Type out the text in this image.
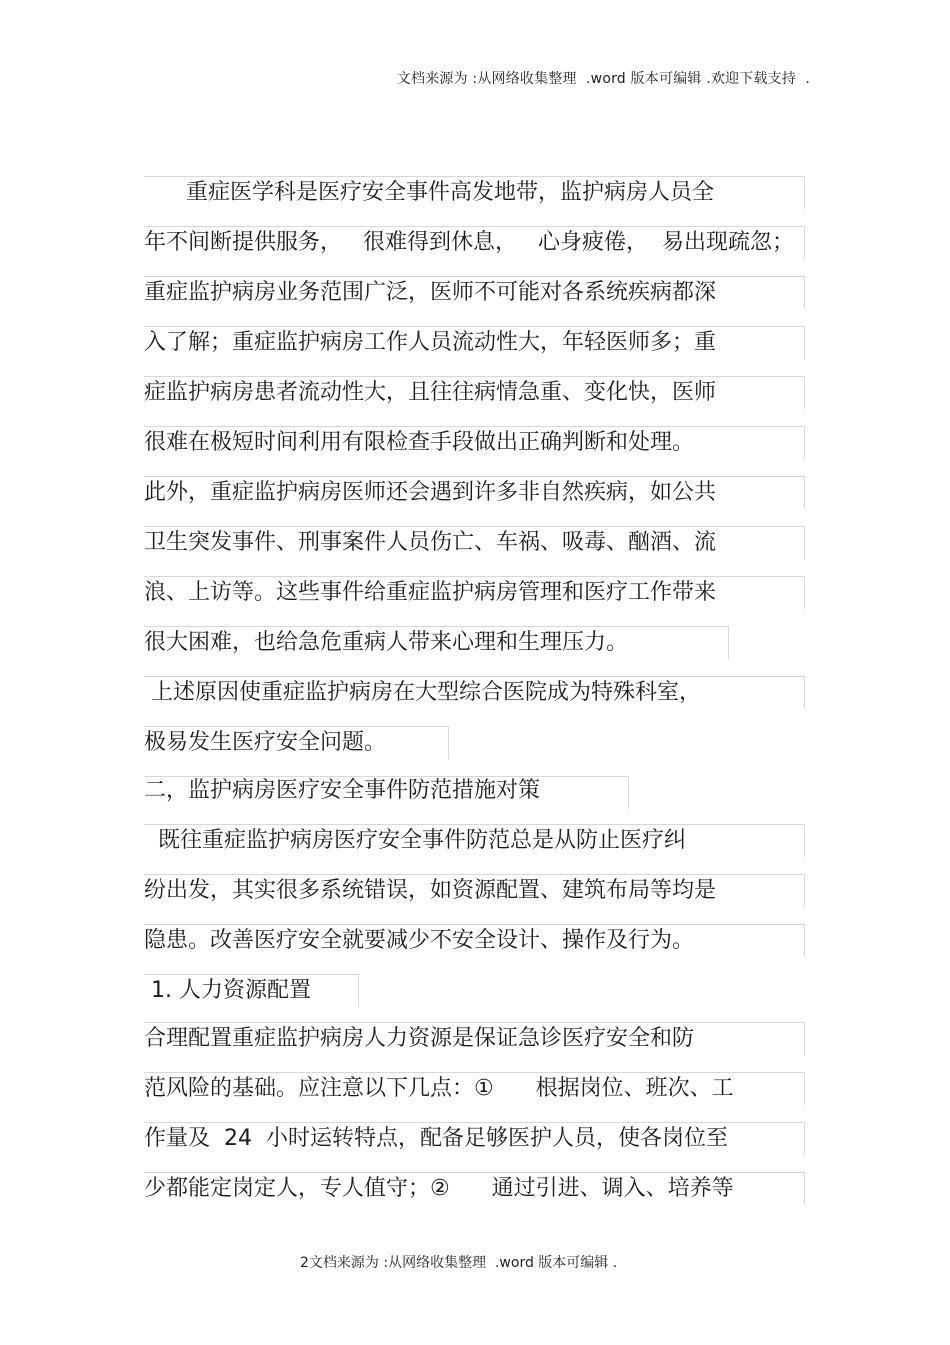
文档来源为 :从网络收集整理  .word 版本可编辑 .欢迎下载支持  .
重症医学科是医疗安全事件高发地带，监护病房人员全
年不间断提供服务，   很难得到休息，   心身疲倦，  易出现疏忽；
重症监护病房业务范围广泛，医师不可能对各系统疾病都深
入了解；重症监护病房工作人员流动性大，年轻医师多；重
症监护病房患者流动性大，且往往病情急重、变化快，医师
很难在极短时间利用有限检查手段做出正确判断和处理。
此外，重症监护病房医师还会遇到许多非自然疾病，如公共
卫生突发事件、刑事案件人员伤亡、车祸、吸毒、酗酒、流
浪、上访等。这些事件给重症监护病房管理和医疗工作带来
很大困难，也给急危重病人带来心理和生理压力。
上述原因使重症监护病房在大型综合医院成为特殊科室，
极易发生医疗安全问题。
二，监护病房医疗安全事件防范措施对策
既往重症监护病房医疗安全事件防范总是从防止医疗纠
纷出发，其实很多系统错误，如资源配置、建筑布局等均是
隐患。改善医疗安全就要减少不安全设计、操作及行为。
1. 人力资源配置
合理配置重症监护病房人力资源是保证急诊医疗安全和防
范风险的基础。应注意以下几点：①      根据岗位、班次、工
作量及  24  小时运转特点，配备足够医护人员，使各岗位至
少都能定岗定人，专人值守；②      通过引进、调入、培养等
2文档来源为 :从网络收集整理  .word 版本可编辑 .
